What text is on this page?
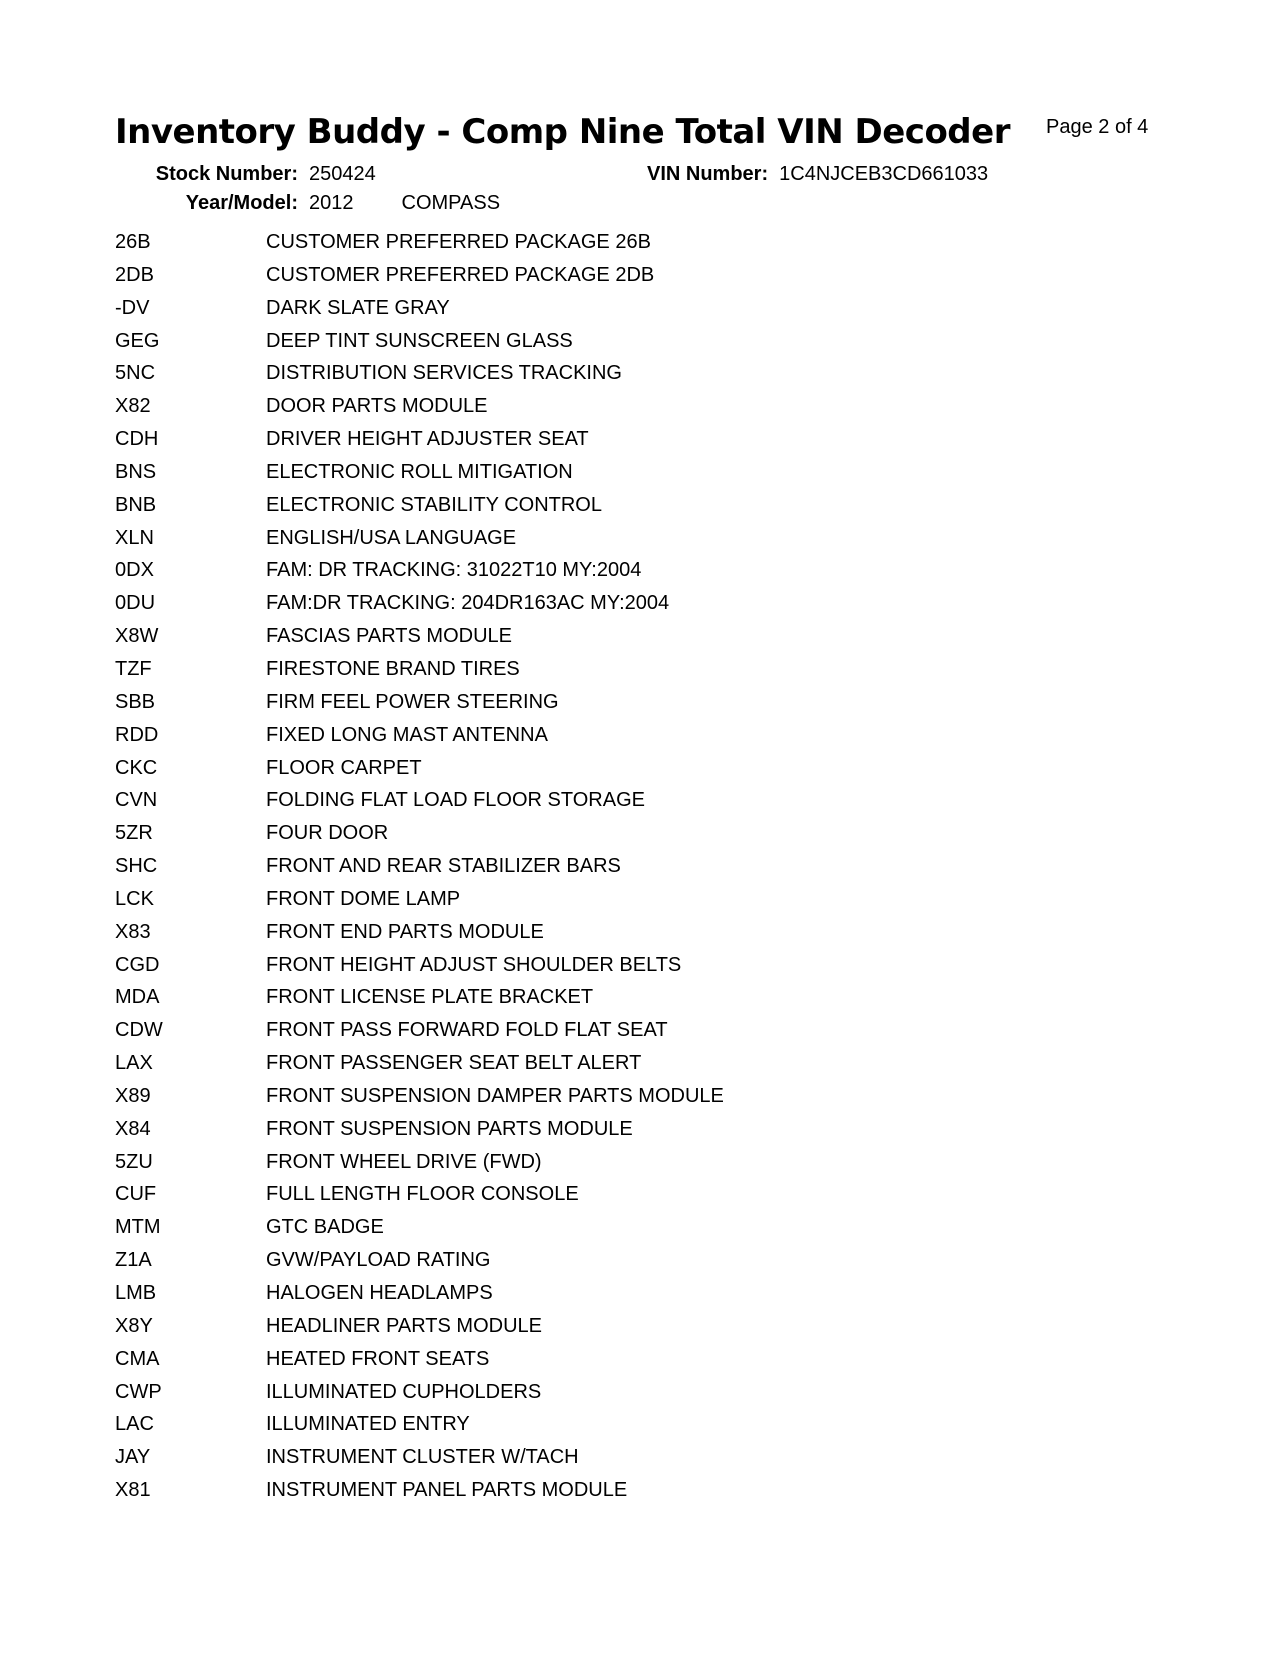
Inventory Buddy - Comp Nine Total VIN Decoder Page 2 of 4
Stock Number: 250424	VIN Number: 1C4NJCEB3CD661033
Year/Model: 2012 COMPASS
26B	CUSTOMER PREFERRED PACKAGE 26B
2DB	CUSTOMER PREFERRED PACKAGE 2DB
-DV	DARK SLATE GRAY
GEG	DEEP TINT SUNSCREEN GLASS
5NC	DISTRIBUTION SERVICES TRACKING
X82	DOOR PARTS MODULE
CDH	DRIVER HEIGHT ADJUSTER SEAT
BNS	ELECTRONIC ROLL MITIGATION
BNB	ELECTRONIC STABILITY CONTROL
XLN	ENGLISH/USA LANGUAGE
0DX	FAM: DR TRACKING: 31022T10 MY:2004
0DU	FAM:DR TRACKING: 204DR163AC MY:2004
X8W	FASCIAS PARTS MODULE
TZF	FIRESTONE BRAND TIRES
SBB	FIRM FEEL POWER STEERING
RDD	FIXED LONG MAST ANTENNA
CKC	FLOOR CARPET
CVN	FOLDING FLAT LOAD FLOOR STORAGE
5ZR	FOUR DOOR
SHC	FRONT AND REAR STABILIZER BARS
LCK	FRONT DOME LAMP
X83	FRONT END PARTS MODULE
CGD	FRONT HEIGHT ADJUST SHOULDER BELTS
MDA	FRONT LICENSE PLATE BRACKET
CDW	FRONT PASS FORWARD FOLD FLAT SEAT
LAX	FRONT PASSENGER SEAT BELT ALERT
X89	FRONT SUSPENSION DAMPER PARTS MODULE
X84	FRONT SUSPENSION PARTS MODULE
5ZU	FRONT WHEEL DRIVE (FWD)
CUF	FULL LENGTH FLOOR CONSOLE
MTM	GTC BADGE
Z1A	GVW/PAYLOAD RATING
LMB	HALOGEN HEADLAMPS
X8Y	HEADLINER PARTS MODULE
CMA	HEATED FRONT SEATS
CWP	ILLUMINATED CUPHOLDERS
LAC	ILLUMINATED ENTRY
JAY	INSTRUMENT CLUSTER W/TACH
X81	INSTRUMENT PANEL PARTS MODULE
